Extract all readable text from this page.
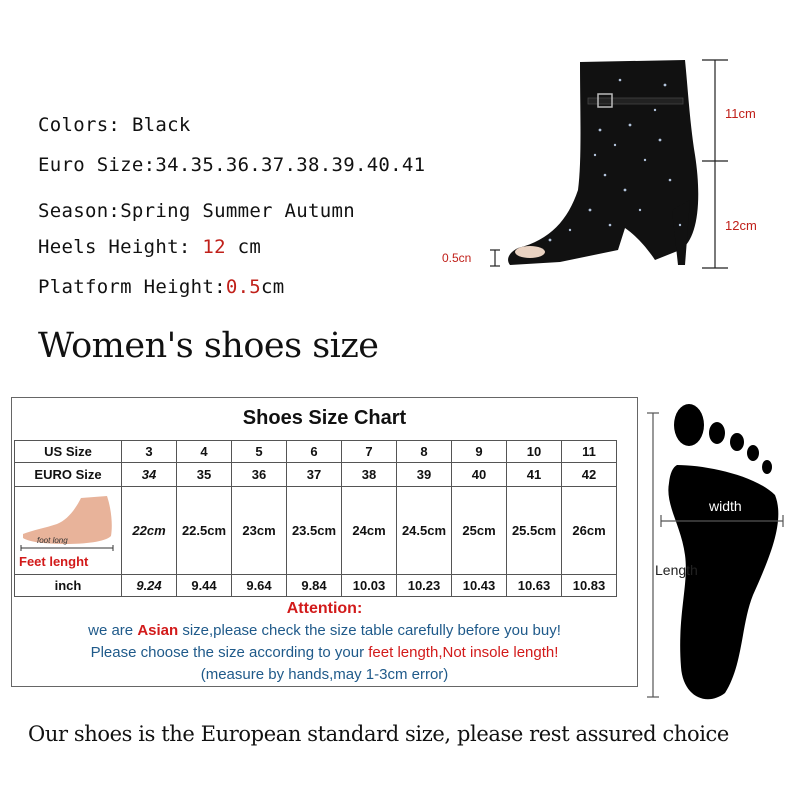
Colors: Black
Euro Size:34.35.36.37.38.39.40.41
Season:Spring Summer Autumn
Heels Height: 12 cm
Platform Height:0.5cm
11cm
12cm
0.5cn
Women's shoes size
Shoes Size Chart
US Size	3	4	5	6	7	8	9	10	11
EURO Size	34	35	36	37	38	39	40	41	42

foot long
Feet lenght	22cm	22.5cm	23cm	23.5cm	24cm	24.5cm	25cm	25.5cm	26cm
inch	9.24	9.44	9.64	9.84	10.03	10.23	10.43	10.63	10.83
Attention:
we are Asian size,please check the size table carefully before you buy!
Please choose the size according to your feet length,Not insole length!
(measure by hands,may 1-3cm error)
width
Length
Our shoes is the European standard size, please rest assured choice
